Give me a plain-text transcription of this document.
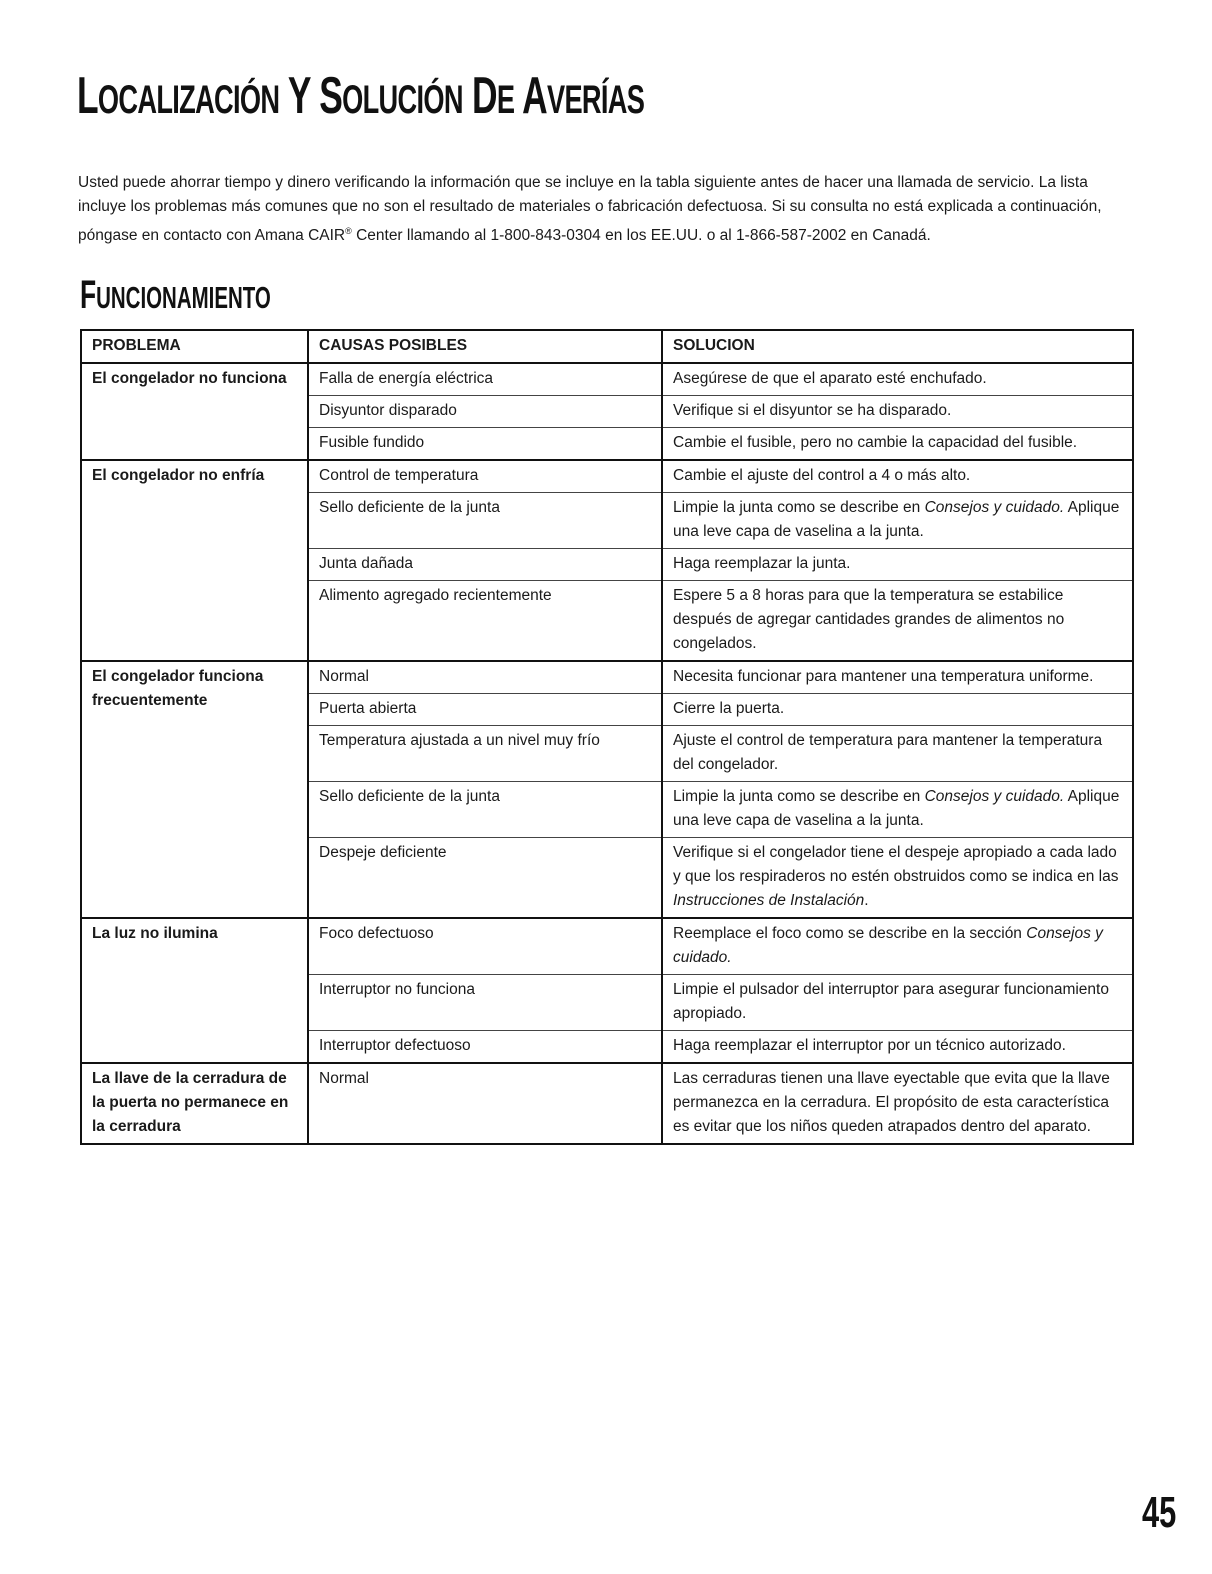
LOCALIZACIÓN Y SOLUCIÓN DE AVERÍAS

Usted puede ahorrar tiempo y dinero verificando la información que se incluye en la tabla siguiente antes de hacer una llamada de servicio. La lista incluye los problemas más comunes que no son el resultado de materiales o fabricación defectuosa. Si su consulta no está explicada a continuación, póngase en contacto con Amana CAIR® Center llamando al 1-800-843-0304 en los EE.UU. o al 1-866-587-2002 en Canadá.

FUNCIONAMIENTO
PROBLEMA	CAUSAS POSIBLES	SOLUCION
El congelador no funciona	Falla de energía eléctrica	Asegúrese de que el aparato esté enchufado.
	Disyuntor disparado	Verifique si el disyuntor se ha disparado.
	Fusible fundido	Cambie el fusible, pero no cambie la capacidad del fusible.
El congelador no enfría	Control de temperatura	Cambie el ajuste del control a 4 o más alto.
	Sello deficiente de la junta	Limpie la junta como se describe en Consejos y cuidado. Aplique una leve capa de vaselina a la junta.
	Junta dañada	Haga reemplazar la junta.
	Alimento agregado recientemente	Espere 5 a 8 horas para que la temperatura se estabilice después de agregar cantidades grandes de alimentos no congelados.
El congelador funciona frecuentemente	Normal	Necesita funcionar para mantener una temperatura uniforme.
	Puerta abierta	Cierre la puerta.
	Temperatura ajustada a un nivel muy frío	Ajuste el control de temperatura para mantener la temperatura del congelador.
	Sello deficiente de la junta	Limpie la junta como se describe en Consejos y cuidado. Aplique una leve capa de vaselina a la junta.
	Despeje deficiente	Verifique si el congelador tiene el despeje apropiado a cada lado y que los respiraderos no estén obstruidos como se indica en las Instrucciones de Instalación.
La luz no ilumina	Foco defectuoso	Reemplace el foco como se describe en la sección Consejos y cuidado.
	Interruptor no funciona	Limpie el pulsador del interruptor para asegurar funcionamiento apropiado.
	Interruptor defectuoso	Haga reemplazar el interruptor por un técnico autorizado.
La llave de la cerradura de la puerta no permanece en la cerradura	Normal	Las cerraduras tienen una llave eyectable que evita que la llave permanezca en la cerradura. El propósito de esta característica es evitar que los niños queden atrapados dentro del aparato.

45
